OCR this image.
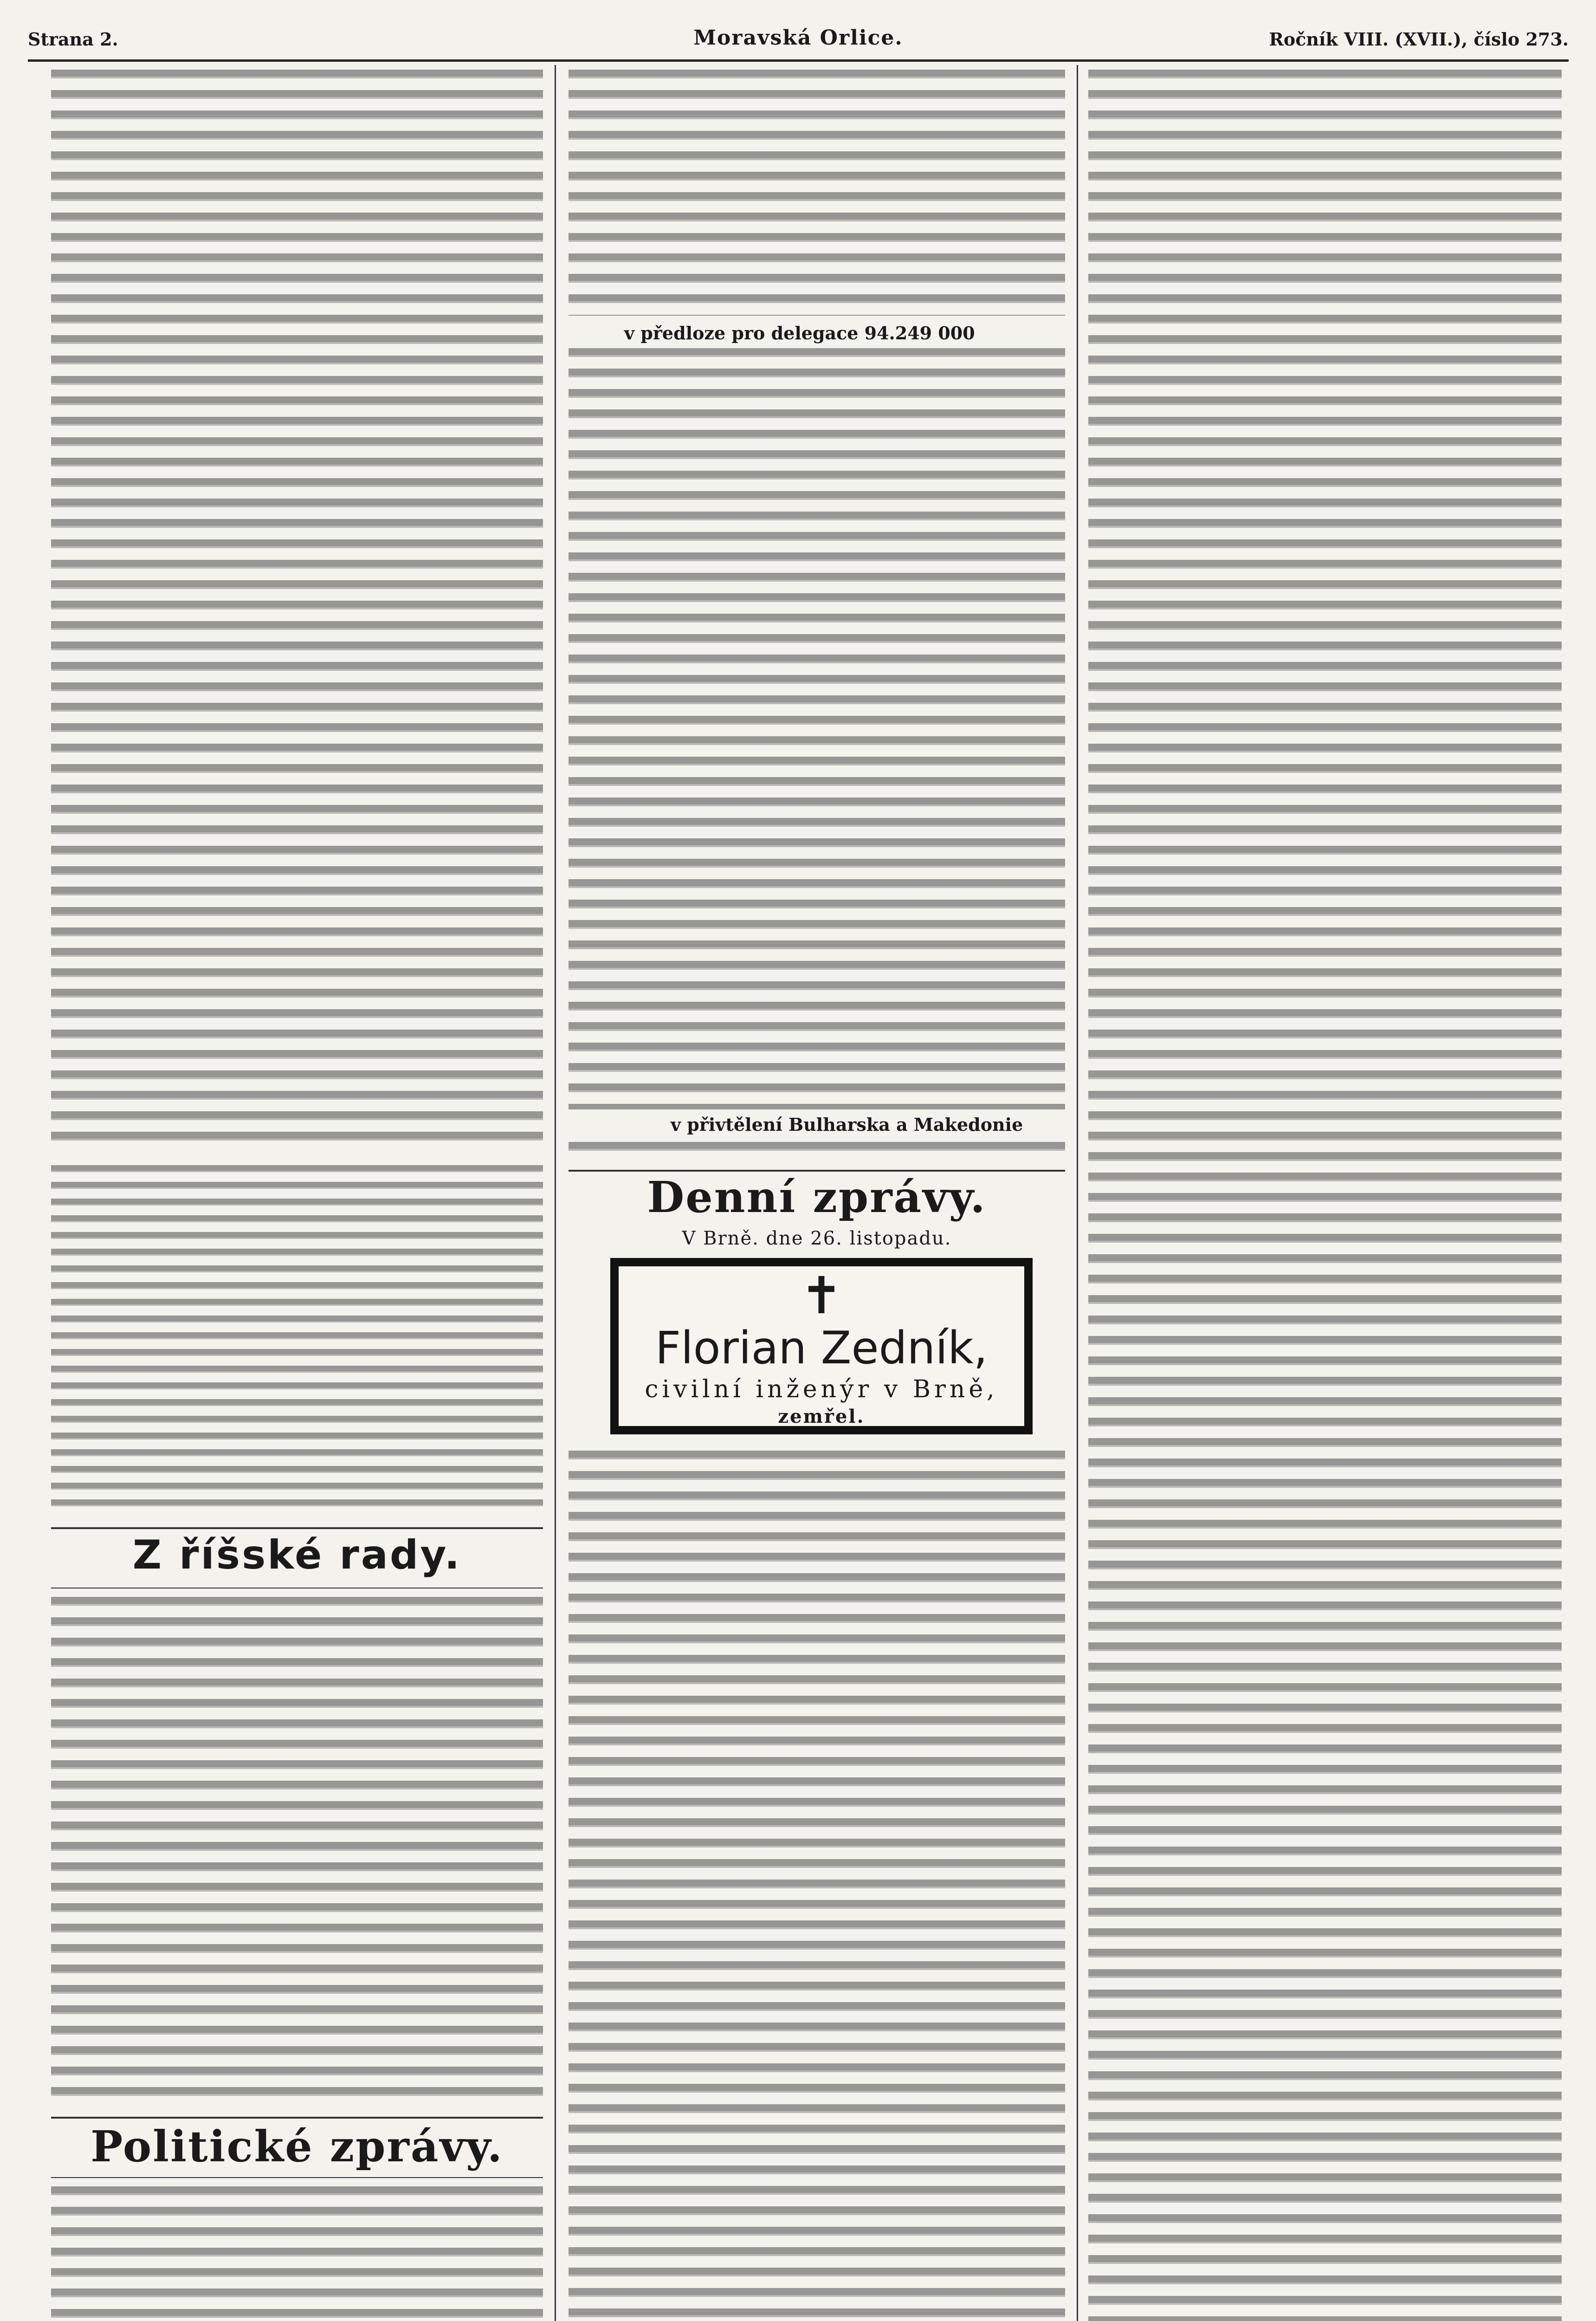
Strana 2.	Moravská Orlice.	Ročník VIII. (XVII.), číslo 273.
Z říšské rady.
Politické zprávy.
v předloze pro delegace 94.249 000
v přivtělení Bulharska a Makedonie
Denní zprávy.
V Brně. dne 26. listopadu.
✝
Florian Zedník,
civilní inženýr v Brně,
zemřel.
